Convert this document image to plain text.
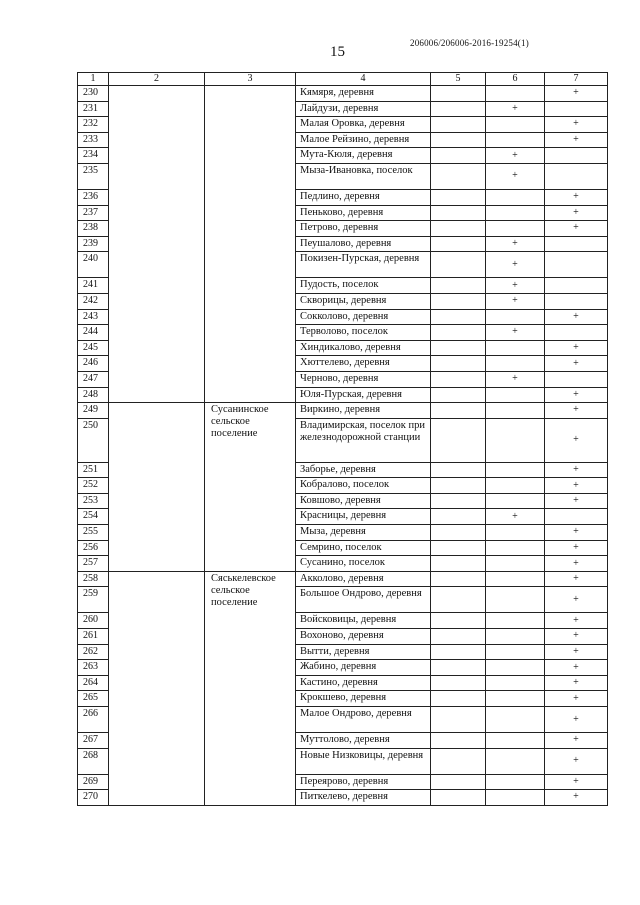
206006/206006-2016-19254(1)
15
1	2	3	4	5	6	7
230			Кямяря, деревня			+
231			Лайдузи, деревня		+	
232			Малая Оровка, деревня			+
233			Малое Рейзино, деревня			+
234			Мута-Кюля, деревня		+	
235			Мыза-Ивановка, поселок		+	
236			Педлино, деревня			+
237			Пеньково, деревня			+
238			Петрово, деревня			+
239			Пеушалово, деревня		+	
240			Покизен-Пурская, деревня		+	
241			Пудость, поселок		+	
242			Скворицы, деревня		+	
243			Сокколово, деревня			+
244			Терволово, поселок		+	
245			Хиндикалово, деревня			+
246			Хюттелево, деревня			+
247			Черново, деревня		+	
248			Юля-Пурская, деревня			+
249		Сусанинское сельское поселение	Виркино, деревня			+
250			Владимирская, поселок при железнодорожной станции			+
251			Заборье, деревня			+
252			Кобралово, поселок			+
253			Ковшово, деревня			+
254			Красницы, деревня		+	
255			Мыза, деревня			+
256			Семрино, поселок			+
257			Сусанино, поселок			+
258		Сяськелевское сельское поселение	Акколово, деревня			+
259			Большое Ондрово, деревня			+
260			Войсковицы, деревня			+
261			Вохоново, деревня			+
262			Вытти, деревня			+
263			Жабино, деревня			+
264			Кастино, деревня			+
265			Крокшево, деревня			+
266			Малое Ондрово, деревня			+
267			Муттолово, деревня			+
268			Новые Низковицы, деревня			+
269			Переярово, деревня			+
270			Питкелево, деревня			+
